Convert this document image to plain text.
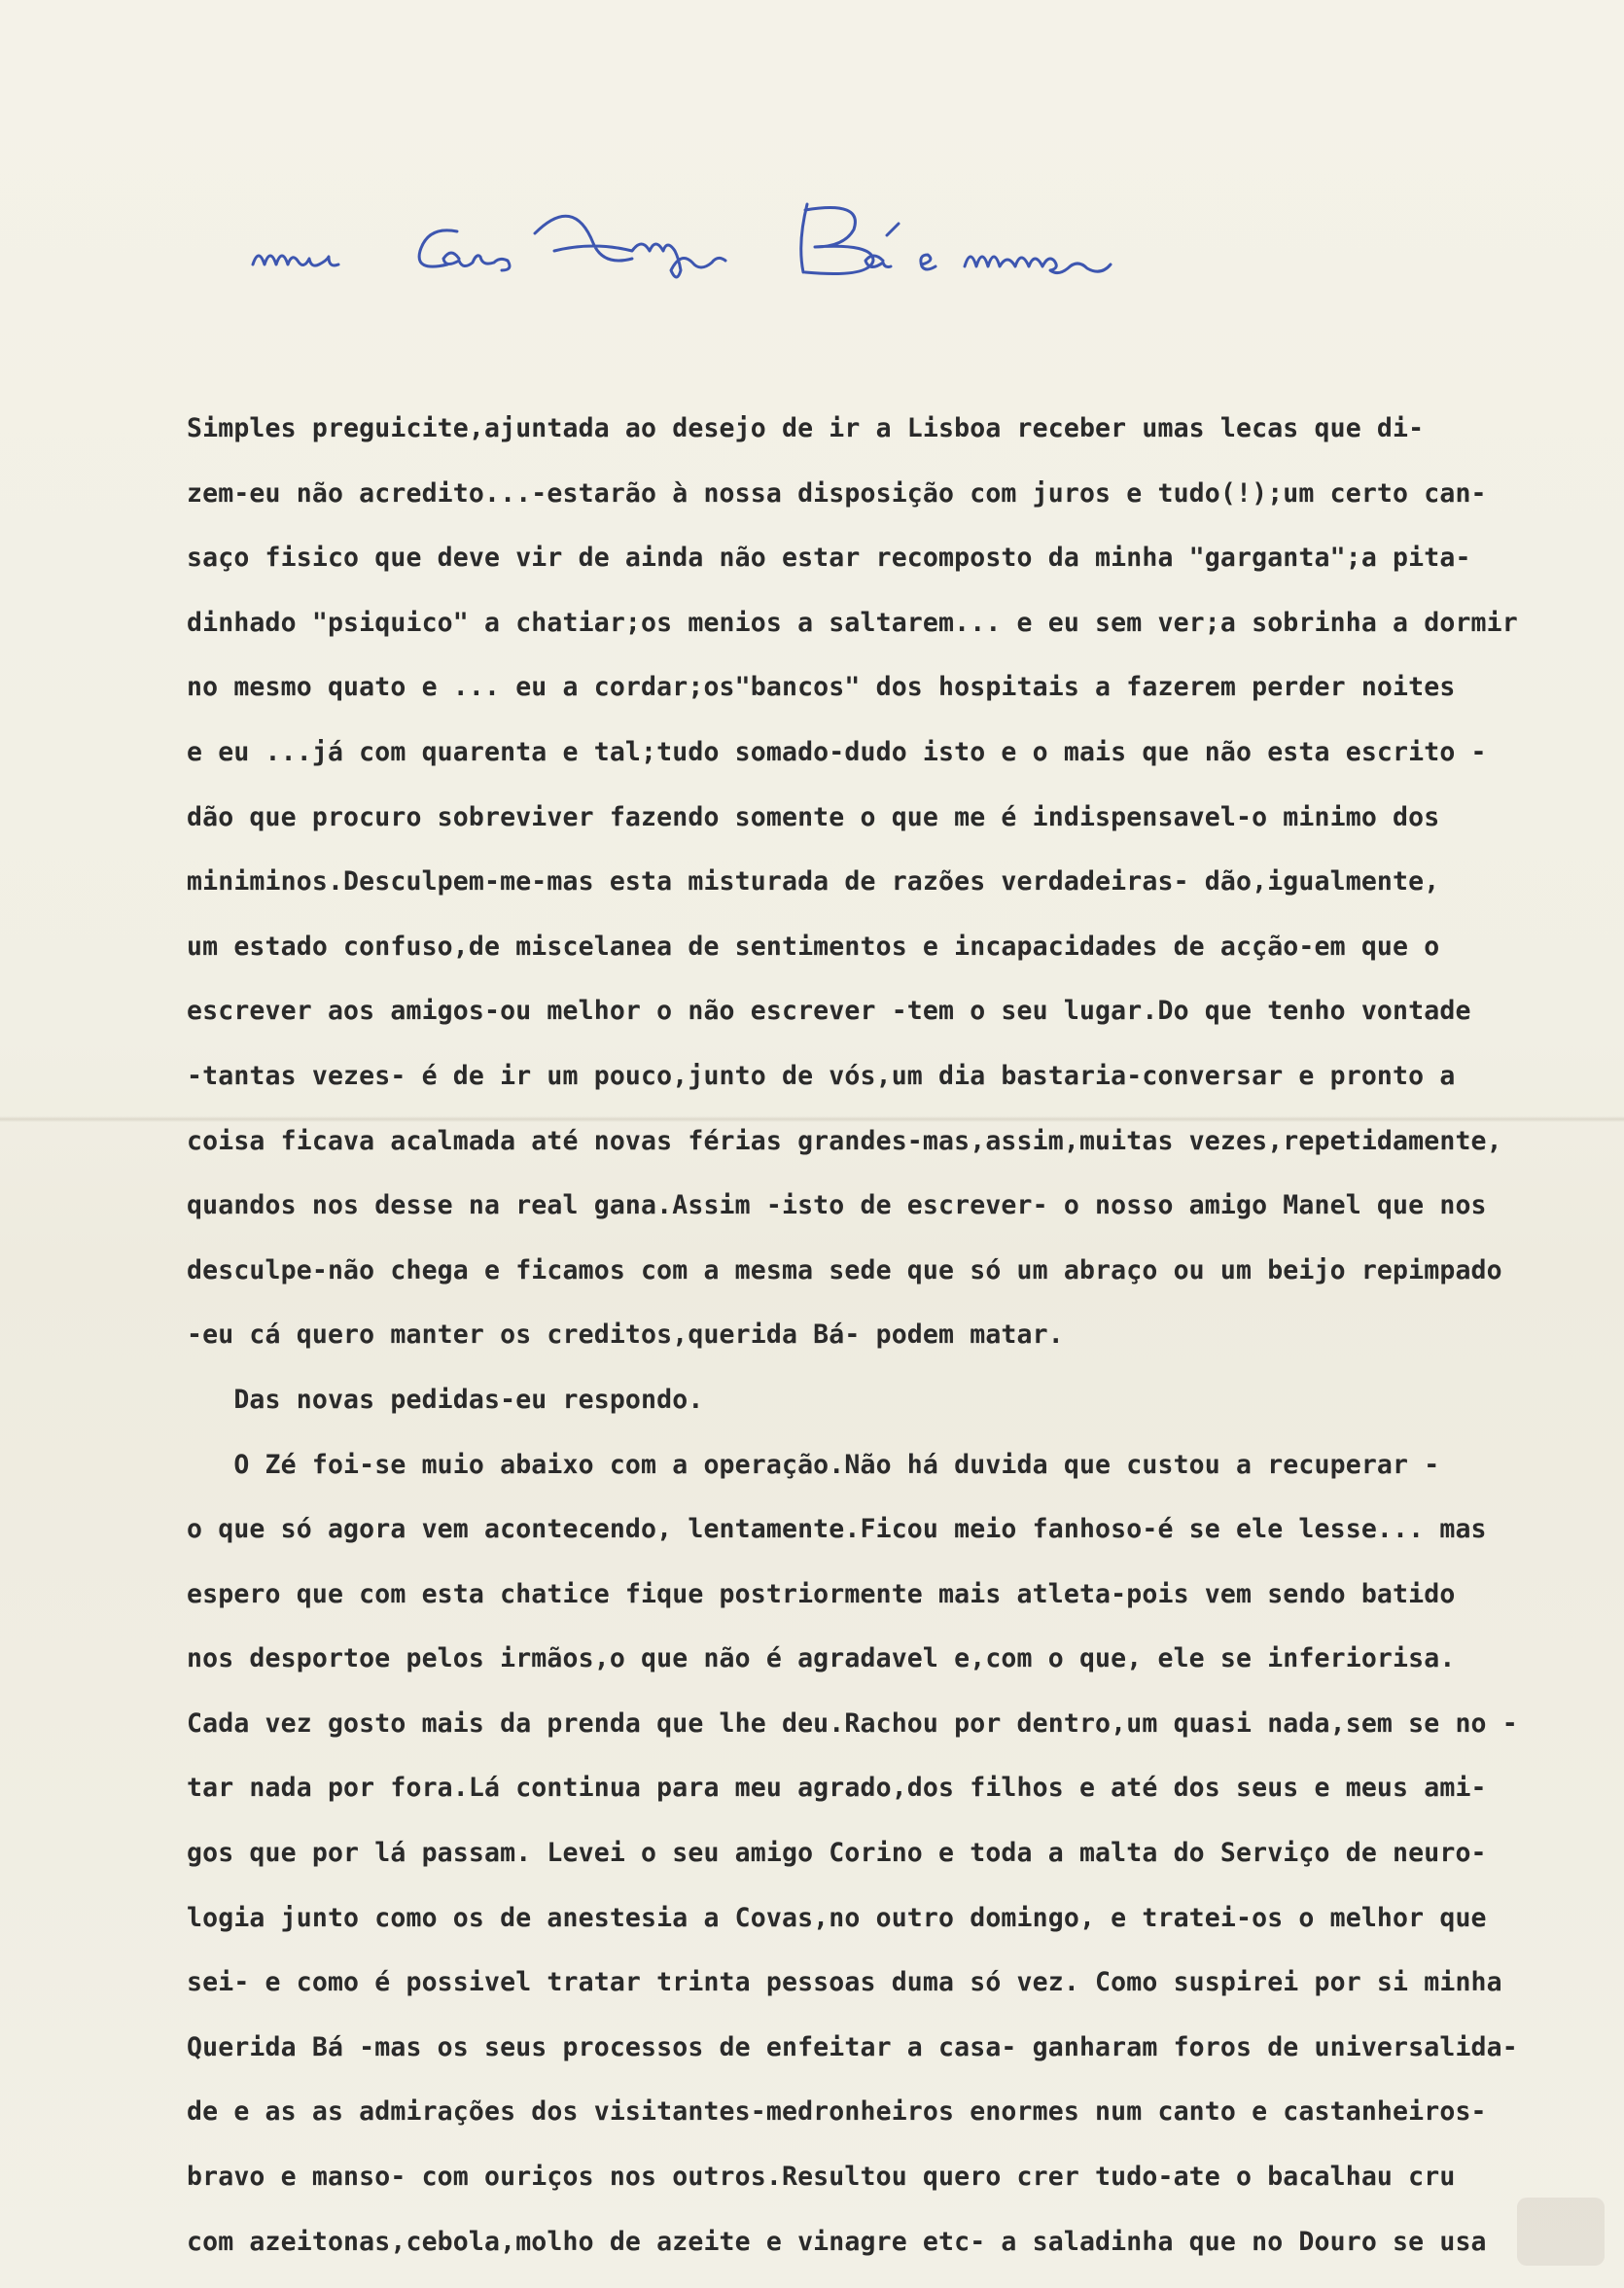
Simples preguicite,ajuntada ao desejo de ir a Lisboa receber umas lecas que di-
zem-eu não acredito...-estarão à nossa disposição com juros e tudo(!);um certo can-
saço fisico que deve vir de ainda não estar recomposto da minha "garganta";a pita-
dinhado "psiquico" a chatiar;os menios a saltarem... e eu sem ver;a sobrinha a dormir
no mesmo quato e ... eu a cordar;os"bancos" dos hospitais a fazerem perder noites
e eu ...já com quarenta e tal;tudo somado-dudo isto e o mais que não esta escrito -
dão que procuro sobreviver fazendo somente o que me é indispensavel-o minimo dos
miniminos.Desculpem-me-mas esta misturada de razões verdadeiras- dão,igualmente,
um estado confuso,de miscelanea de sentimentos e incapacidades de acção-em que o
escrever aos amigos-ou melhor o não escrever -tem o seu lugar.Do que tenho vontade
-tantas vezes- é de ir um pouco,junto de vós,um dia bastaria-conversar e pronto a
coisa ficava acalmada até novas férias grandes-mas,assim,muitas vezes,repetidamente,
quandos nos desse na real gana.Assim -isto de escrever- o nosso amigo Manel que nos
desculpe-não chega e ficamos com a mesma sede que só um abraço ou um beijo repimpado
-eu cá quero manter os creditos,querida Bá- podem matar.
Das novas pedidas-eu respondo.
O Zé foi-se muio abaixo com a operação.Não há duvida que custou a recuperar -
o que só agora vem acontecendo, lentamente.Ficou meio fanhoso-é se ele lesse... mas
espero que com esta chatice fique postriormente mais atleta-pois vem sendo batido
nos desportoe pelos irmãos,o que não é agradavel e,com o que, ele se inferiorisa.
Cada vez gosto mais da prenda que lhe deu.Rachou por dentro,um quasi nada,sem se no -
tar nada por fora.Lá continua para meu agrado,dos filhos e até dos seus e meus ami-
gos que por lá passam. Levei o seu amigo Corino e toda a malta do Serviço de neuro-
logia junto como os de anestesia a Covas,no outro domingo, e tratei-os o melhor que
sei- e como é possivel tratar trinta pessoas duma só vez. Como suspirei por si minha
Querida Bá -mas os seus processos de enfeitar a casa- ganharam foros de universalida-
de e as as admirações dos visitantes-medronheiros enormes num canto e castanheiros-
bravo e manso- com ouriços nos outros.Resultou quero crer tudo-ate o bacalhau cru
com azeitonas,cebola,molho de azeite e vinagre etc- a saladinha que no Douro se usa
